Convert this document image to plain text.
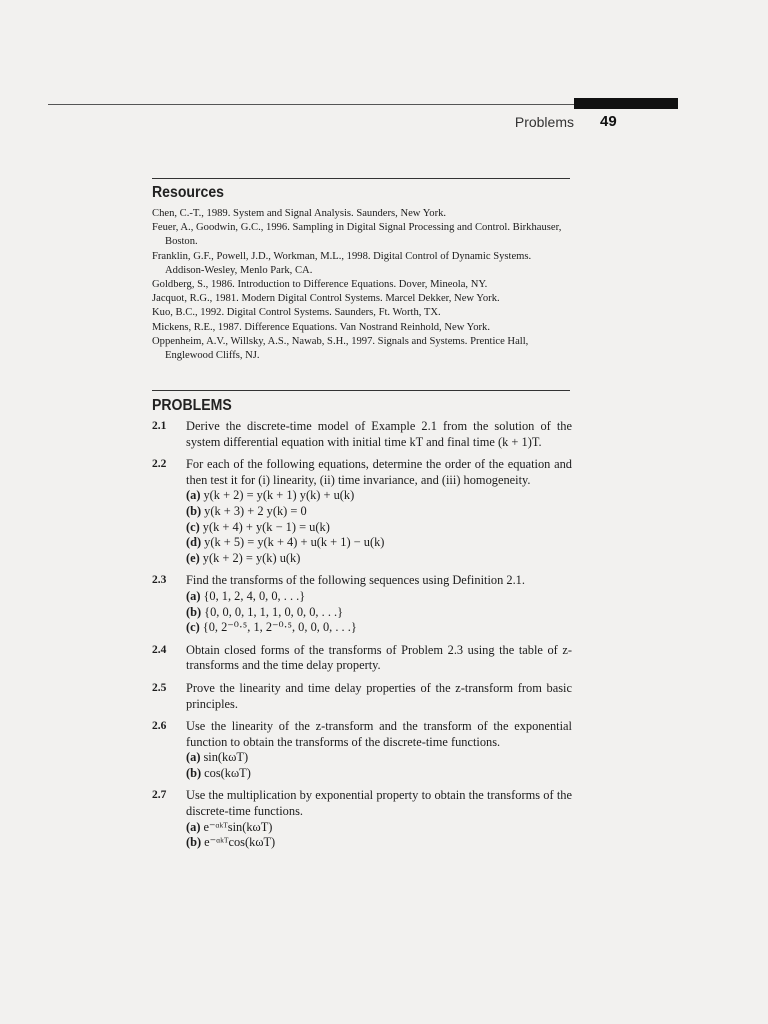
Problems 49
Resources
Chen, C.-T., 1989. System and Signal Analysis. Saunders, New York.
Feuer, A., Goodwin, G.C., 1996. Sampling in Digital Signal Processing and Control. Birkhauser, Boston.
Franklin, G.F., Powell, J.D., Workman, M.L., 1998. Digital Control of Dynamic Systems. Addison-Wesley, Menlo Park, CA.
Goldberg, S., 1986. Introduction to Difference Equations. Dover, Mineola, NY.
Jacquot, R.G., 1981. Modern Digital Control Systems. Marcel Dekker, New York.
Kuo, B.C., 1992. Digital Control Systems. Saunders, Ft. Worth, TX.
Mickens, R.E., 1987. Difference Equations. Van Nostrand Reinhold, New York.
Oppenheim, A.V., Willsky, A.S., Nawab, S.H., 1997. Signals and Systems. Prentice Hall, Englewood Cliffs, NJ.
PROBLEMS
2.1	Derive the discrete-time model of Example 2.1 from the solution of the system differential equation with initial time kT and final time (k + 1)T.
2.2	For each of the following equations, determine the order of the equation and then test it for (i) linearity, (ii) time invariance, and (iii) homogeneity.
(a) y(k + 2) = y(k + 1) y(k) + u(k)
(b) y(k + 3) + 2 y(k) = 0
(c) y(k + 4) + y(k − 1) = u(k)
(d) y(k + 5) = y(k + 4) + u(k + 1) − u(k)
(e) y(k + 2) = y(k) u(k)
2.3	Find the transforms of the following sequences using Definition 2.1.
(a) {0, 1, 2, 4, 0, 0, . . .}
(b) {0, 0, 0, 1, 1, 1, 0, 0, 0, . . .}
(c) {0, 2⁻⁰·⁵, 1, 2⁻⁰·⁵, 0, 0, 0, . . .}
2.4	Obtain closed forms of the transforms of Problem 2.3 using the table of z-transforms and the time delay property.
2.5	Prove the linearity and time delay properties of the z-transform from basic principles.
2.6	Use the linearity of the z-transform and the transform of the exponential function to obtain the transforms of the discrete-time functions.
(a) sin(kωT)
(b) cos(kωT)
2.7	Use the multiplication by exponential property to obtain the transforms of the discrete-time functions.
(a) e⁻ᵅᵏᵀsin(kωT)
(b) e⁻ᵅᵏᵀcos(kωT)
